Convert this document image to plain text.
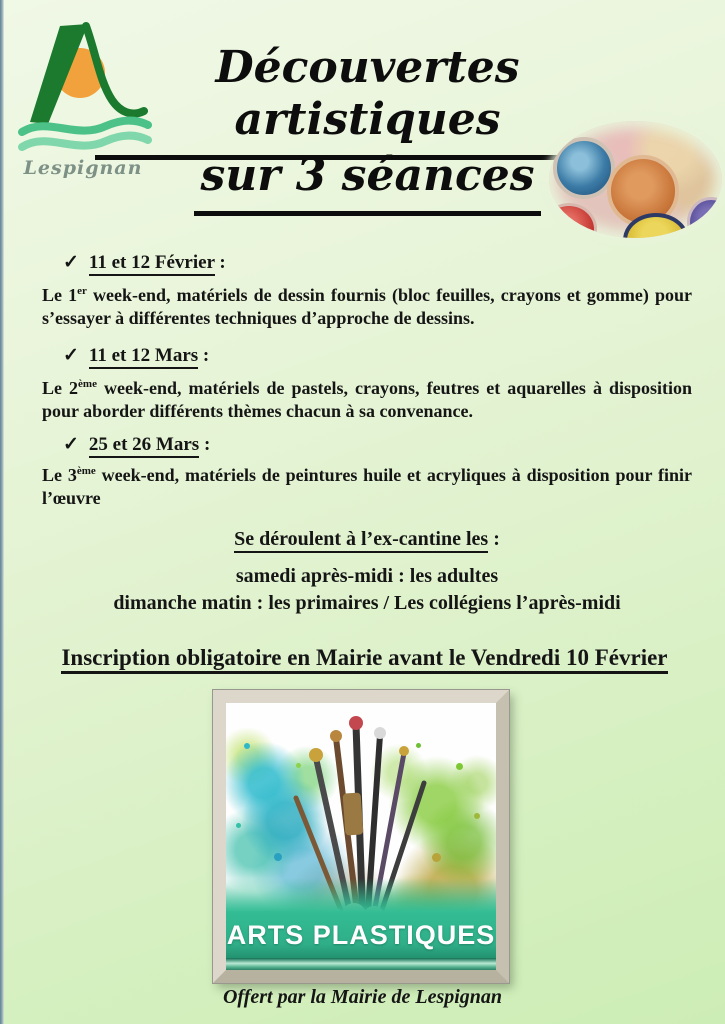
Lespignan
Découvertes artistiques
sur 3 séances
✓ 11 et 12 Février :

Le 1er week-end, matériels de dessin fournis (bloc feuilles, crayons et gomme) pour s’essayer à différentes techniques d’approche de dessins.

✓ 11 et 12 Mars :

Le 2ème week-end, matériels de pastels, crayons, feutres et aquarelles à disposition pour aborder différents thèmes chacun à sa convenance.

✓ 25 et 26 Mars :

Le 3ème week-end, matériels de peintures huile et acryliques à disposition pour finir l’œuvre

Se déroulent à l’ex-cantine les :
samedi après-midi : les adultes
dimanche matin : les primaires / Les collégiens l’après-midi
Inscription obligatoire en Mairie avant le Vendredi 10 Février
ARTS PLASTIQUES
Offert par la Mairie de Lespignan
